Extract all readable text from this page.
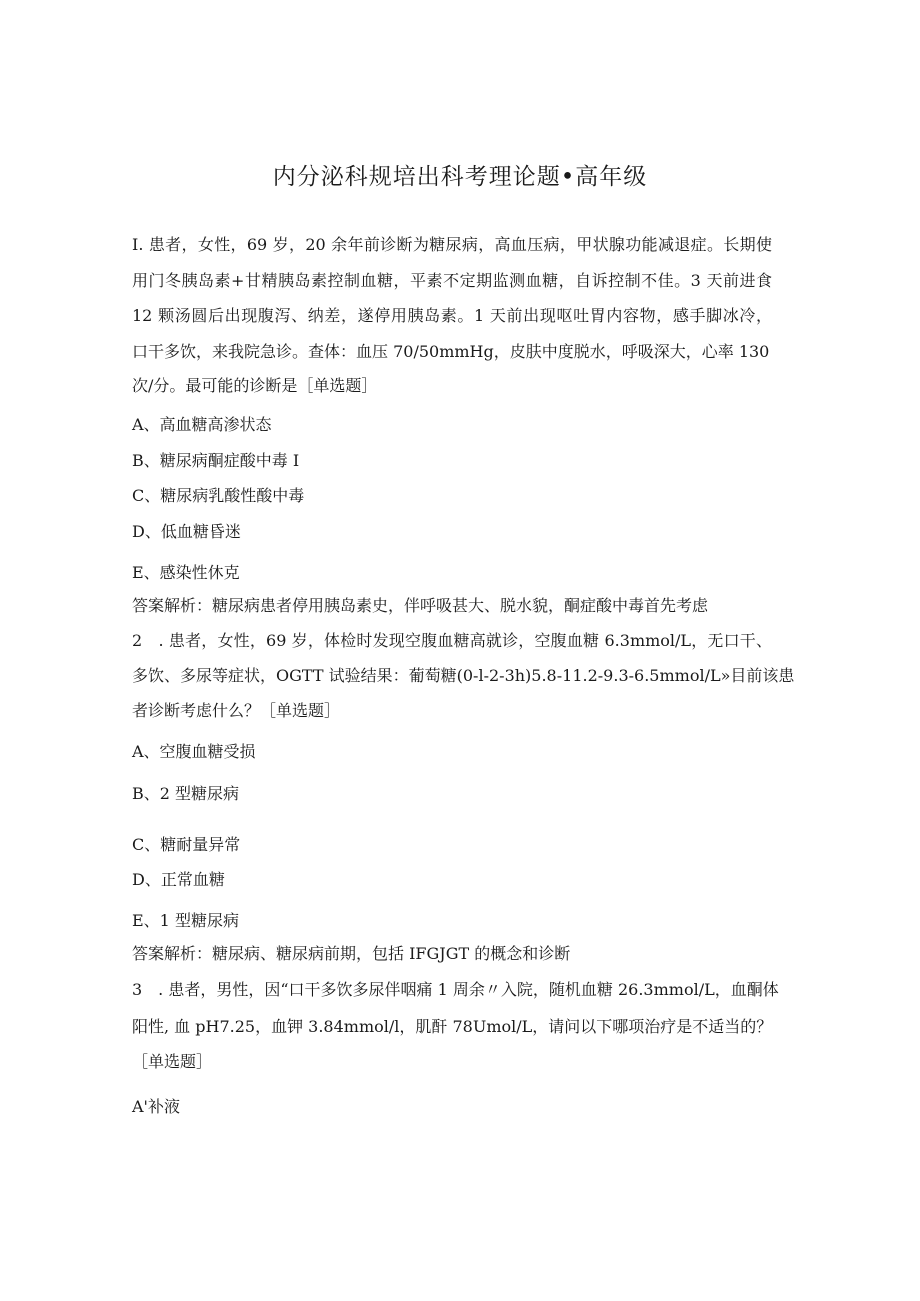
内分泌科规培出科考理论题•高年级
I. 患者，女性，69 岁，20 余年前诊断为糖尿病，高血压病，甲状腺功能减退症。长期使
用门冬胰岛素+甘精胰岛素控制血糖，平素不定期监测血糖，自诉控制不佳。3 天前进食
12 颗汤圆后出现腹泻、纳差，遂停用胰岛素。1 天前出现呕吐胃内容物，感手脚冰冷，
口干多饮，来我院急诊。查体：血压 70/50mmHg，皮肤中度脱水，呼吸深大，心率 130
次/分。最可能的诊断是［单选题］
A、高血糖高渗状态
B、糖尿病酮症酸中毒 I
C、糖尿病乳酸性酸中毒
D、低血糖昏迷
E、感染性休克
答案解析：糖尿病患者停用胰岛素史，伴呼吸甚大、脱水貌，酮症酸中毒首先考虑
2　. 患者，女性，69 岁，体检时发现空腹血糖高就诊，空腹血糖 6.3mmol/L，无口干、
多饮、多尿等症状，OGTT 试验结果：葡萄糖(0-l-2-3h)5.8-11.2-9.3-6.5mmol/L»目前该患
者诊断考虑什么？［单选题］
A、空腹血糖受损
B、2 型糖尿病
C、糖耐量异常
D、正常血糖
E、1 型糖尿病
答案解析：糖尿病、糖尿病前期，包括 IFGJGT 的概念和诊断
3　. 患者，男性，因“口干多饮多尿伴咽痛 1 周余〃入院，随机血糖 26.3mmol/L，血酮体
阳性, 血 pH7.25，血钾 3.84mmol/l，肌酐 78Umol/L，请问以下哪项治疗是不适当的？
［单选题］
A'补液
